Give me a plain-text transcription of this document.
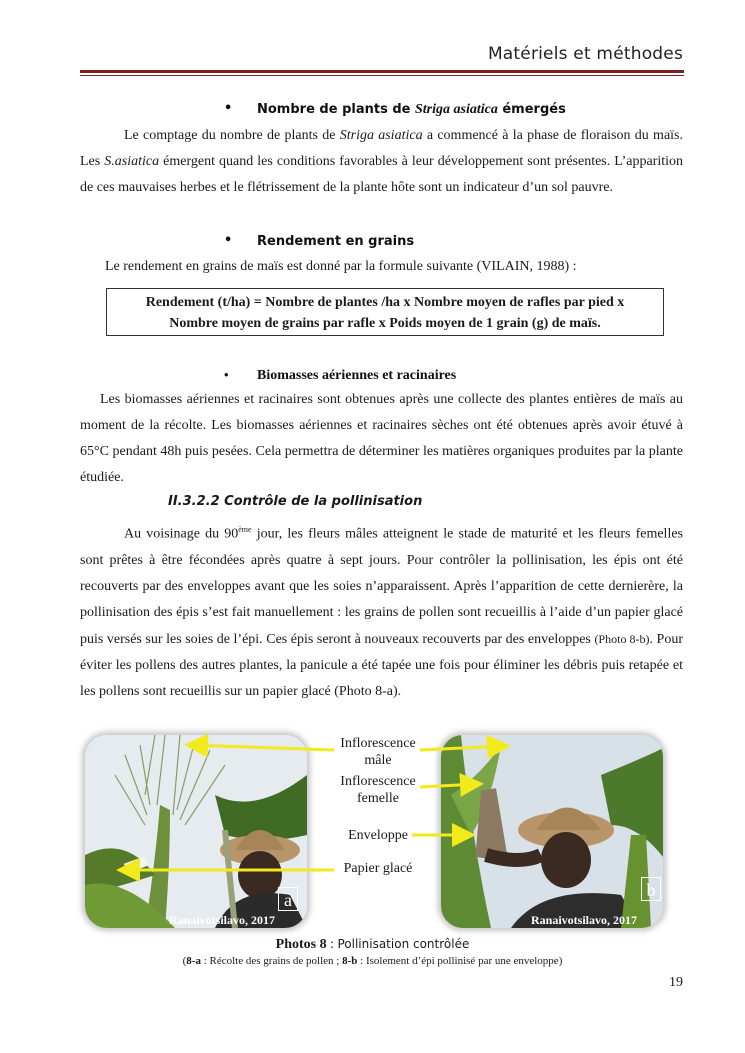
Matériels et méthodes
• Nombre de plants de Striga asiatica émergés

Le comptage du nombre de plants de Striga asiatica a commencé à la phase de floraison du maïs. Les S.asiatica émergent quand les conditions favorables à leur développement sont présentes. L’apparition de ces mauvaises herbes et le flétrissement de la plante hôte sont un indicateur d’un sol pauvre.

• Rendement en grains
Le rendement en grains de maïs est donné par la formule suivante (VILAIN, 1988) :
Rendement (t/ha) = Nombre de plantes /ha x Nombre moyen de rafles par pied x
Nombre moyen de grains par rafle x Poids moyen de 1 grain (g) de maïs.
• Biomasses aériennes et racinaires

Les biomasses aériennes et racinaires sont obtenues après une collecte des plantes entières de maïs au moment de la récolte. Les biomasses aériennes et racinaires sèches ont été obtenues après avoir étuvé à 65°C pendant 48h puis pesées. Cela permettra de déterminer les matières organiques produites par la plante étudiée.

II.3.2.2 Contrôle de la pollinisation

Au voisinage du 90ème jour, les fleurs mâles atteignent le stade de maturité et les fleurs femelles sont prêtes à être fécondées après quatre à sept jours. Pour contrôler la pollinisation, les épis ont été recouverts par des enveloppes avant que les soies n’apparaissent. Après l’apparition de cette dernierère, la pollinisation des épis s’est fait manuellement : les grains de pollen sont recueillis à l’aide d’un papier glacé puis versés sur les soies de l’épi. Ces épis seront à nouveaux recouverts par des enveloppes (Photo 8-b). Pour éviter les pollens des autres plantes, la panicule a été tapée une fois pour éliminer les débris puis retapée et les pollens sont recueillis sur un papier glacé (Photo 8-a).

a
Ranaivotsilavo, 2017
b
Ranaivotsilavo, 2017
Inflorescence
mâle
Inflorescence
femelle
Enveloppe
Papier glacé
Photos 8 : Pollinisation contrôlée
(8-a : Récolte des grains de pollen ; 8-b : Isolement d’épi pollinisé par une enveloppe)
19
